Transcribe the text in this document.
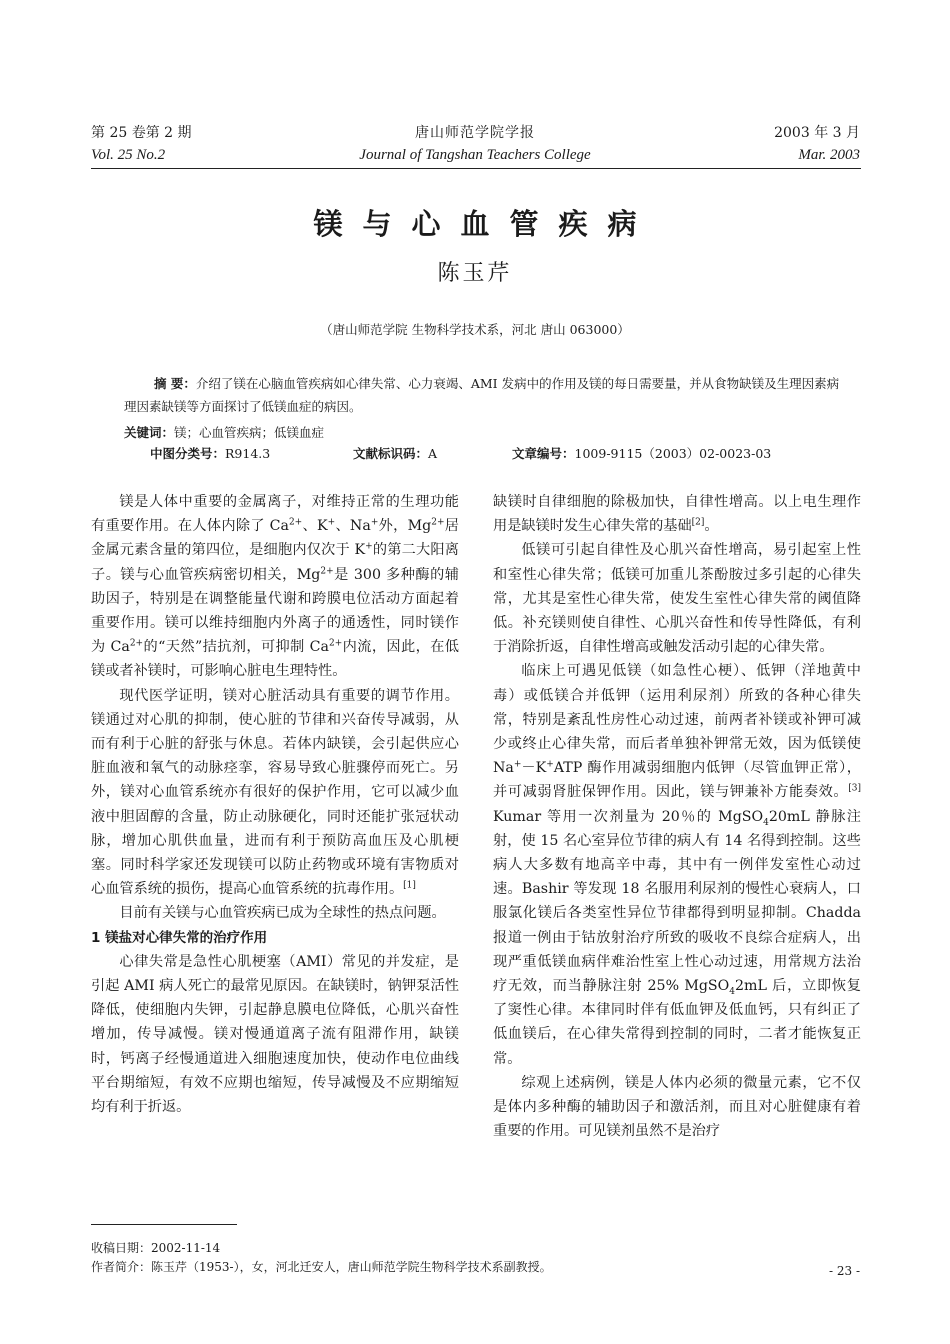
第 25 卷第 2 期	唐山师范学院学报	2003 年 3 月
Vol. 25 No.2	Journal of Tangshan Teachers College	Mar. 2003
镁与心血管疾病
陈玉芹
（唐山师范学院 生物科学技术系，河北 唐山 063000）

摘 要：介绍了镁在心脑血管疾病如心律失常、心力衰竭、AMI 发病中的作用及镁的每日需要量，并从食物缺镁及生理因素病理因素缺镁等方面探讨了低镁血症的病因。

关键词：镁；心血管疾病；低镁血症

中图分类号：R914.3	文献标识码：A	文章编号：1009-9115（2003）02-0023-03

镁是人体中重要的金属离子，对维持正常的生理功能有重要作用。在人体内除了 $Ca^{2+}$、K+、Na+外，$Mg^{2+}$居金属元素含量的第四位，是细胞内仅次于 K+的第二大阳离子。镁与心血管疾病密切相关，$Mg^{2+}$是 300 多种酶的辅助因子，特别是在调整能量代谢和跨膜电位活动方面起着重要作用。镁可以维持细胞内外离子的通透性，同时镁作为 $Ca^{2+}$的“天然”拮抗剂，可抑制 $Ca^{2+}$内流，因此，在低镁或者补镁时，可影响心脏电生理特性。

现代医学证明，镁对心脏活动具有重要的调节作用。镁通过对心肌的抑制，使心脏的节律和兴奋传导减弱，从而有利于心脏的舒张与休息。若体内缺镁，会引起供应心脏血液和氧气的动脉痉挛，容易导致心脏骤停而死亡。另外，镁对心血管系统亦有很好的保护作用，它可以减少血液中胆固醇的含量，防止动脉硬化，同时还能扩张冠状动脉，增加心肌供血量，进而有利于预防高血压及心肌梗塞。同时科学家还发现镁可以防止药物或环境有害物质对心血管系统的损伤，提高心血管系统的抗毒作用。[1]

目前有关镁与心血管疾病已成为全球性的热点问题。

1 镁盐对心律失常的治疗作用

心律失常是急性心肌梗塞（AMI）常见的并发症，是引起 AMI 病人死亡的最常见原因。在缺镁时，钠钾泵活性降低，使细胞内失钾，引起静息膜电位降低，心肌兴奋性增加，传导减慢。镁对慢通道离子流有阻滞作用，缺镁时，钙离子经慢通道进入细胞速度加快，使动作电位曲线平台期缩短，有效不应期也缩短，传导减慢及不应期缩短均有利于折返。

缺镁时自律细胞的除极加快，自律性增高。以上电生理作用是缺镁时发生心律失常的基础[2]。

低镁可引起自律性及心肌兴奋性增高，易引起室上性和室性心律失常；低镁可加重儿茶酚胺过多引起的心律失常，尤其是室性心律失常，使发生室性心律失常的阈值降低。补充镁则使自律性、心肌兴奋性和传导性降低，有利于消除折返，自律性增高或触发活动引起的心律失常。

临床上可遇见低镁（如急性心梗）、低钾（洋地黄中毒）或低镁合并低钾（运用利尿剂）所致的各种心律失常，特别是紊乱性房性心动过速，前两者补镁或补钾可减少或终止心律失常，而后者单独补钾常无效，因为低镁使 Na+－K+ATP 酶作用减弱细胞内低钾（尽管血钾正常），并可减弱肾脏保钾作用。因此，镁与钾兼补方能奏效。[3] Kumar 等用一次剂量为 20％的 MgSO$_4$20mL 静脉注射，使 15 名心室异位节律的病人有 14 名得到控制。这些病人大多数有地高辛中毒，其中有一例伴发室性心动过速。Bashir 等发现 18 名服用利尿剂的慢性心衰病人，口服氯化镁后各类室性异位节律都得到明显抑制。Chadda 报道一例由于钴放射治疗所致的吸收不良综合症病人，出现严重低镁血病伴难治性室上性心动过速，用常规方法治疗无效，而当静脉注射 25% MgSO$_4$2mL 后，立即恢复了窦性心律。本律同时伴有低血钾及低血钙，只有纠正了低血镁后，在心律失常得到控制的同时，二者才能恢复正常。

综观上述病例，镁是人体内必须的微量元素，它不仅是体内多种酶的辅助因子和激活剂，而且对心脏健康有着重要的作用。可见镁剂虽然不是治疗

收稿日期：2002-11-14
作者简介：陈玉芹（1953-），女，河北迁安人，唐山师范学院生物科学技术系副教授。	- 23 -
